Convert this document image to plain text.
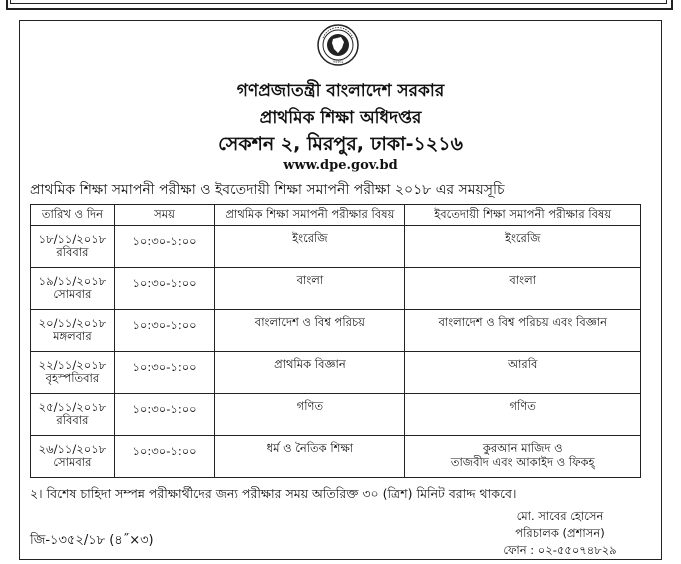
সরকার
গণপ্রজাতন্ত্রী বাংলাদেশ সরকার
প্রাথমিক শিক্ষা অধিদপ্তর
সেকশন ২, মিরপুর, ঢাকা-১২১৬
www.dpe.gov.bd
প্রাথমিক শিক্ষা সমাপনী পরীক্ষা ও ইবতেদায়ী শিক্ষা সমাপনী পরীক্ষা ২০১৮ এর সময়সূচি
তারিখ ও দিন	সময়	প্রাথমিক শিক্ষা সমাপনী পরীক্ষার বিষয়	ইবতেদায়ী শিক্ষা সমাপনী পরীক্ষার বিষয়

১৮/১১/২০১৮
রবিবার	১০:৩০-১:০০	ইংরেজি	ইংরেজি

১৯/১১/২০১৮
সোমবার	১০:৩০-১:০০	বাংলা	বাংলা

২০/১১/২০১৮
মঙ্গলবার	১০:৩০-১:০০	বাংলাদেশ ও বিশ্ব পরিচয়	বাংলাদেশ ও বিশ্ব পরিচয় এবং বিজ্ঞান

২২/১১/২০১৮
বৃহস্পতিবার	১০:৩০-১:০০	প্রাথমিক বিজ্ঞান	আরবি

২৫/১১/২০১৮
রবিবার	১০:৩০-১:০০	গণিত	গণিত

২৬/১১/২০১৮
সোমবার	১০:৩০-১:০০	ধর্ম ও নৈতিক শিক্ষা	কুরআন মাজিদ ও
তাজবীদ এবং আকাইদ ও ফিকহ্
২। বিশেষ চাহিদা সম্পন্ন পরীক্ষার্থীদের জন্য পরীক্ষার সময় অতিরিক্ত ৩০ (ত্রিশ) মিনিট বরাদ্দ থাকবে।
মো. সাবের হোসেন
পরিচালক (প্রশাসন)
ফোন : ০২-৫৫০৭৪৮২৯
জি-১৩৫২/১৮ (৪˝×৩)
